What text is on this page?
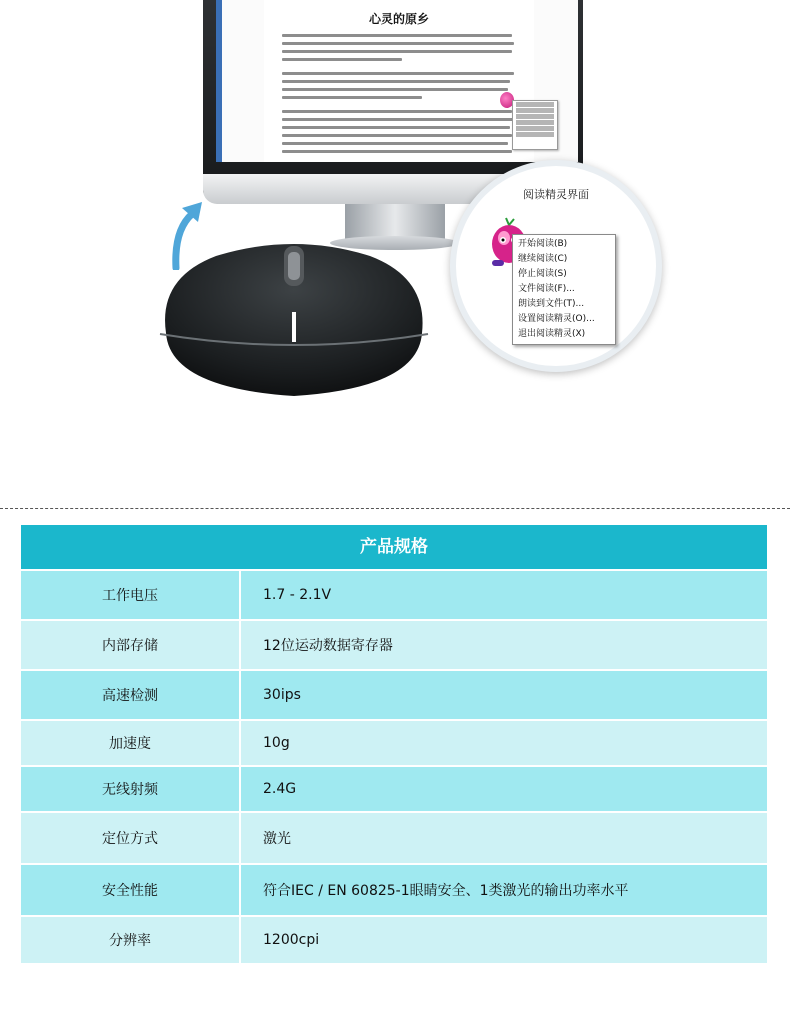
心灵的原乡
阅读精灵界面
开始阅读(B)
继续阅读(C)
停止阅读(S)
文件阅读(F)...
朗读到文件(T)...
设置阅读精灵(O)...
退出阅读精灵(X)
产品规格
工作电压	1.7 - 2.1V
内部存储	12位运动数据寄存器
高速检测	30ips
加速度	10g
无线射频	2.4G
定位方式	激光
安全性能	符合IEC / EN 60825-1眼睛安全、1类激光的输出功率水平
分辨率	1200cpi
